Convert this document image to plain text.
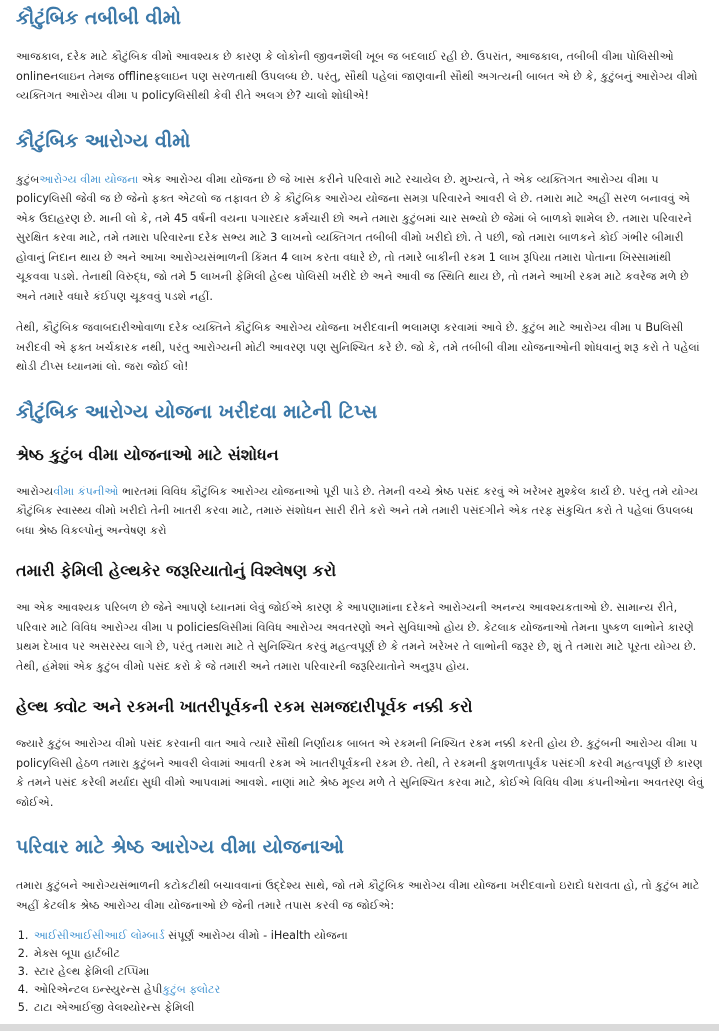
કૌટુંબિક તબીબી વીમો

આજકાલ, દરેક માટે કૌટુંબિક વીમો આવશ્યક છે કારણ કે લોકોની જીવનશૈલી ખૂબ જ બદલાઈ રહી છે. ઉપરાંત, આજકાલ, તબીબી વીમા પોલિસીઓ onlineનલાઇન તેમજ offlineફલાઇન પણ સરળતાથી ઉપલબ્ધ છે. પરંતુ, સૌથી પહેલાં જાણવાની સૌથી અગત્યની બાબત એ છે કે, કુટુંબનું આરોગ્ય વીમો વ્યક્તિગત આરોગ્ય વીમા પ policyલિસીથી કેવી રીતે અલગ છે? ચાલો શોધીએ!

કૌટુંબિક આરોગ્ય વીમો

કુટુંબઆરોગ્ય વીમા યોજના એક આરોગ્ય વીમા યોજના છે જે ખાસ કરીને પરિવારો માટે રચાયેલ છે. મુખ્યત્વે, તે એક વ્યક્તિગત આરોગ્ય વીમા પ policyલિસી જેવી જ છે જેનો ફક્ત એટલો જ તફાવત છે કે કૌટુંબિક આરોગ્ય યોજના સમગ્ર પરિવારને આવરી લે છે. તમારા માટે અહીં સરળ બનાવવું એ એક ઉદાહરણ છે. માની લો કે, તમે 45 વર્ષની વયના પગારદાર કર્મચારી છો અને તમારા કુટુંબમાં ચાર સભ્યો છે જેમાં બે બાળકો શામેલ છે. તમારા પરિવારને સુરક્ષિત કરવા માટે, તમે તમારા પરિવારના દરેક સભ્ય માટે 3 લાખનો વ્યક્તિગત તબીબી વીમો ખરીદો છો. તે પછી, જો તમારા બાળકને કોઈ ગંભીર બીમારી હોવાનું નિદાન થાય છે અને આખા આરોગ્યસંભાળની કિંમત 4 લાખ કરતા વધારે છે, તો તમારે બાકીની રકમ 1 લાખ રૂપિયા તમારા પોતાના ખિસ્સામાંથી ચૂકવવા પડશે. તેનાથી વિરુદ્ધ, જો તમે 5 લાખની ફેમિલી હેલ્થ પોલિસી ખરીદે છે અને આવી જ સ્થિતિ થાય છે, તો તમને આખી રકમ માટે કવરેજ મળે છે અને તમારે વધારે કંઈપણ ચૂકવવું પડશે નહીં.

તેથી, કૌટુંબિક જવાબદારીઓવાળા દરેક વ્યક્તિને કૌટુંબિક આરોગ્ય યોજના ખરીદવાની ભલામણ કરવામાં આવે છે. કુટુંબ માટે આરોગ્ય વીમા પ Buલિસી ખરીદવી એ ફક્ત ખર્ચકારક નથી, પરંતુ આરોગ્યની મોટી આવરણ પણ સુનિશ્ચિત કરે છે. જો કે, તમે તબીબી વીમા યોજનાઓની શોધવાનું શરૂ કરો તે પહેલાં થોડી ટીપ્સ ધ્યાનમાં લો. જરા જોઈ લો!

કૌટુંબિક આરોગ્ય યોજના ખરીદવા માટેની ટિપ્સ
શ્રેષ્ઠ કુટુંબ વીમા યોજનાઓ માટે સંશોધન

આરોગ્યવીમા કંપનીઓ ભારતમાં વિવિધ કૌટુંબિક આરોગ્ય યોજનાઓ પૂરી પાડે છે. તેમની વચ્ચે શ્રેષ્ઠ પસંદ કરવું એ ખરેખર મુશ્કેલ કાર્ય છે. પરંતુ તમે યોગ્ય કૌટુંબિક સ્વાસ્થ્ય વીમો ખરીદો તેની ખાતરી કરવા માટે, તમારું સંશોધન સારી રીતે કરો અને તમે તમારી પસંદગીને એક તરફ સંકુચિત કરો તે પહેલાં ઉપલબ્ધ બધા શ્રેષ્ઠ વિકલ્પોનું અન્વેષણ કરો

તમારી ફેમિલી હેલ્થકેર જરૂરિયાતોનું વિશ્લેષણ કરો

આ એક આવશ્યક પરિબળ છે જેને આપણે ધ્યાનમાં લેવું જોઈએ કારણ કે આપણામાંના દરેકને આરોગ્યની અનન્ય આવશ્યકતાઓ છે. સામાન્ય રીતે, પરિવાર માટે વિવિધ આરોગ્ય વીમા પ policiesલિસીમાં વિવિધ આરોગ્ય અવતરણો અને સુવિધાઓ હોય છે. કેટલાક યોજનાઓ તેમના પુષ્કળ લાભોને કારણે પ્રથમ દેખાવ પર અસરસ્ય લાગે છે, પરંતુ તમારા માટે તે સુનિશ્ચિત કરવું મહત્વપૂર્ણ છે કે તમને ખરેખર તે લાભોની જરૂર છે, શું તે તમારા માટે પૂરતા યોગ્ય છે. તેથી, હંમેશાં એક કુટુંબ વીમો પસંદ કરો કે જે તમારી અને તમારા પરિવારની જરૂરિયાતોને અનુરૂપ હોય.

હેલ્થ ક્વોટ અને રકમની ખાતરીપૂર્વકની રકમ સમજદારીપૂર્વક નક્કી કરો

જ્યારે કુટુંબ આરોગ્ય વીમો પસંદ કરવાની વાત આવે ત્યારે સૌથી નિર્ણાયક બાબત એ રકમની નિશ્ચિત રકમ નક્કી કરતી હોય છે. કુટુંબની આરોગ્ય વીમા પ policyલિસી હેઠળ તમારા કુટુંબને આવરી લેવામાં આવતી રકમ એ ખાતરીપૂર્વકની રકમ છે. તેથી, તે રકમની કુશળતાપૂર્વક પસંદગી કરવી મહત્વપૂર્ણ છે કારણ કે તમને પસંદ કરેલી મર્યાદા સુધી વીમો આપવામાં આવશે. નાણાં માટે શ્રેષ્ઠ મૂલ્ય મળે તે સુનિશ્ચિત કરવા માટે, કોઈએ વિવિધ વીમા કંપનીઓના અવતરણ લેવું જોઈએ.

પરિવાર માટે શ્રેષ્ઠ આરોગ્ય વીમા યોજનાઓ

તમારા કુટુંબને આરોગ્યસંભાળની કટોકટીથી બચાવવાનાં ઉદ્દેશ્ય સાથે, જો તમે કૌટુંબિક આરોગ્ય વીમા યોજના ખરીદવાનો ઇરાદો ધરાવતા હો, તો કુટુંબ માટે અહીં કેટલીક શ્રેષ્ઠ આરોગ્ય વીમા યોજનાઓ છે જેની તમારે તપાસ કરવી જ જોઈએ:

1. આઈસીઆઈસીઆઈ લોમ્બાર્ડ સંપૂર્ણ આરોગ્ય વીમો - iHealth યોજના
2. મેક્સ બૂપા હાર્ટબીટ
3. સ્ટાર હેલ્થ ફેમિલી ટપ્પિમા
4. ઓરિએન્ટલ ઇન્સ્યુરન્સ હેપીકુટુંબ ફ્લોટર
5. ટાટા એઆઈજી વેલશ્યોરન્સ ફેમિલી
